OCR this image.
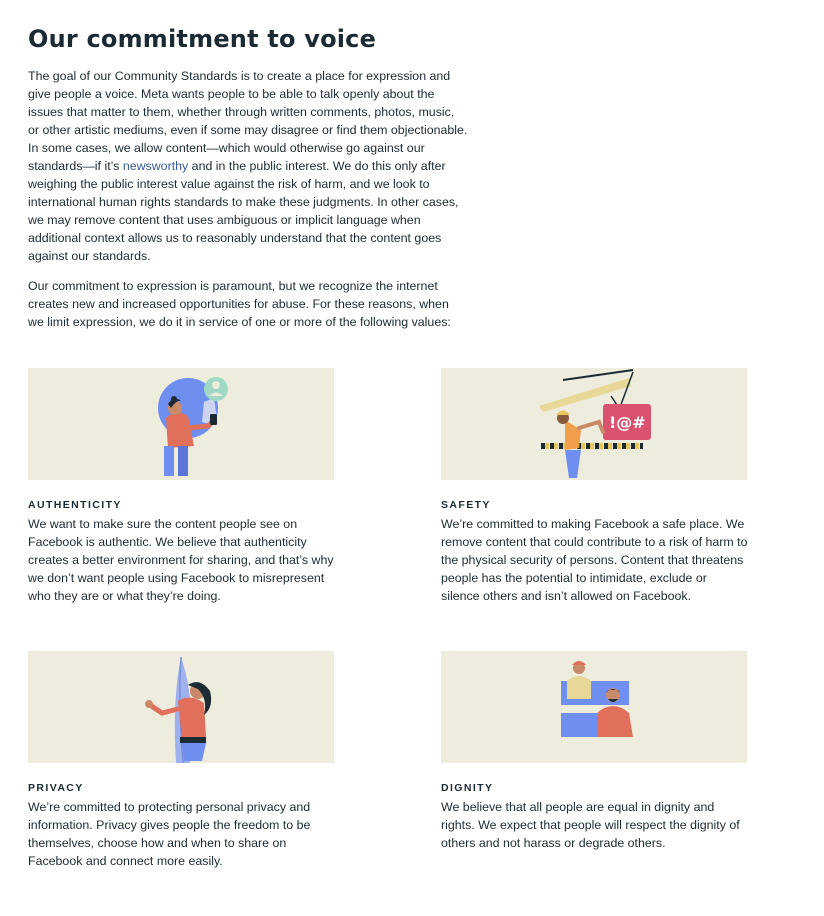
Our commitment to voice

The goal of our Community Standards is to create a place for expression and give people a voice. Meta wants people to be able to talk openly about the issues that matter to them, whether through written comments, photos, music, or other artistic mediums, even if some may disagree or find them objectionable. In some cases, we allow content—which would otherwise go against our standards—if it’s newsworthy and in the public interest. We do this only after weighing the public interest value against the risk of harm, and we look to international human rights standards to make these judgments. In other cases, we may remove content that uses ambiguous or implicit language when additional context allows us to reasonably understand that the content goes against our standards.

Our commitment to expression is paramount, but we recognize the internet creates new and increased opportunities for abuse. For these reasons, when we limit expression, we do it in service of one or more of the following values:

AUTHENTICITY
We want to make sure the content people see on Facebook is authentic. We believe that authenticity creates a better environment for sharing, and that’s why we don’t want people using Facebook to misrepresent who they are or what they’re doing.
!@#
SAFETY
We’re committed to making Facebook a safe place. We remove content that could contribute to a risk of harm to the physical security of persons. Content that threatens people has the potential to intimidate, exclude or silence others and isn’t allowed on Facebook.
PRIVACY
We’re committed to protecting personal privacy and information. Privacy gives people the freedom to be themselves, choose how and when to share on Facebook and connect more easily.
DIGNITY
We believe that all people are equal in dignity and rights. We expect that people will respect the dignity of others and not harass or degrade others.
